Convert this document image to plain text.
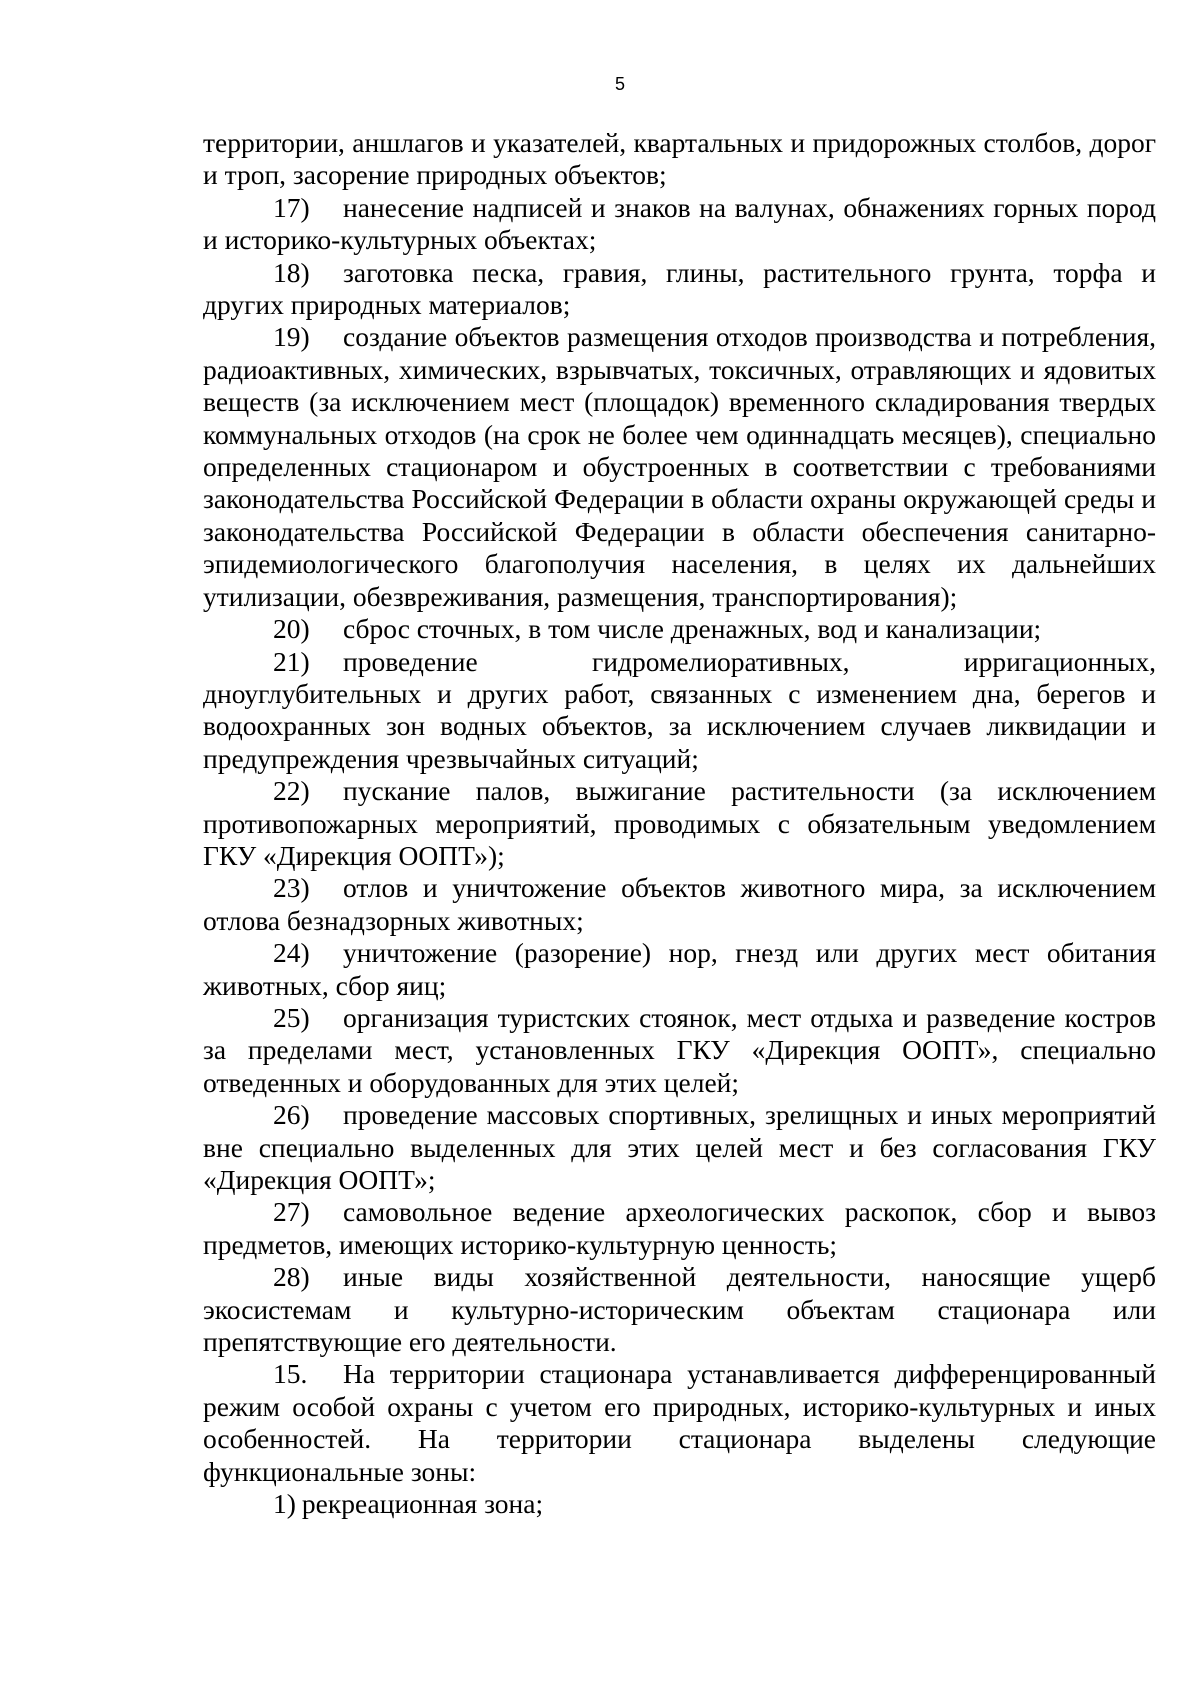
5

территории, аншлагов и указателей, квартальных и придорожных столбов, дорог и троп, засорение природных объектов;

17) нанесение надписей и знаков на валунах, обнажениях горных пород и историко-культурных объектах;

18) заготовка песка, гравия, глины, растительного грунта, торфа и других природных материалов;

19) создание объектов размещения отходов производства и потребления, радиоактивных, химических, взрывчатых, токсичных, отравляющих и ядовитых веществ (за исключением мест (площадок) временного складирования твердых коммунальных отходов (на срок не более чем одиннадцать месяцев), специально определенных стационаром и обустроенных в соответствии с требованиями законодательства Российской Федерации в области охраны окружающей среды и законодательства Российской Федерации в области обеспечения санитарно-эпидемиологического благополучия населения, в целях их дальнейших утилизации, обезвреживания, размещения, транспортирования);

20) сброс сточных, в том числе дренажных, вод и канализации;

21) проведение гидромелиоративных, ирригационных, дноуглубительных и других работ, связанных с изменением дна, берегов и водоохранных зон водных объектов, за исключением случаев ликвидации и предупреждения чрезвычайных ситуаций;

22) пускание палов, выжигание растительности (за исключением противопожарных мероприятий, проводимых с обязательным уведомлением ГКУ «Дирекция ООПТ»);

23) отлов и уничтожение объектов животного мира, за исключением отлова безнадзорных животных;

24) уничтожение (разорение) нор, гнезд или других мест обитания животных, сбор яиц;

25) организация туристских стоянок, мест отдыха и разведение костров за пределами мест, установленных ГКУ «Дирекция ООПТ», специально отведенных и оборудованных для этих целей;

26) проведение массовых спортивных, зрелищных и иных мероприятий вне специально выделенных для этих целей мест и без согласования ГКУ «Дирекция ООПТ»;

27) самовольное ведение археологических раскопок, сбор и вывоз предметов, имеющих историко-культурную ценность;

28) иные виды хозяйственной деятельности, наносящие ущерб экосистемам и культурно-историческим объектам стационара или препятствующие его деятельности.

15. На территории стационара устанавливается дифференцированный режим особой охраны с учетом его природных, историко-культурных и иных особенностей. На территории стационара выделены следующие функциональные зоны:

1) рекреационная зона;
